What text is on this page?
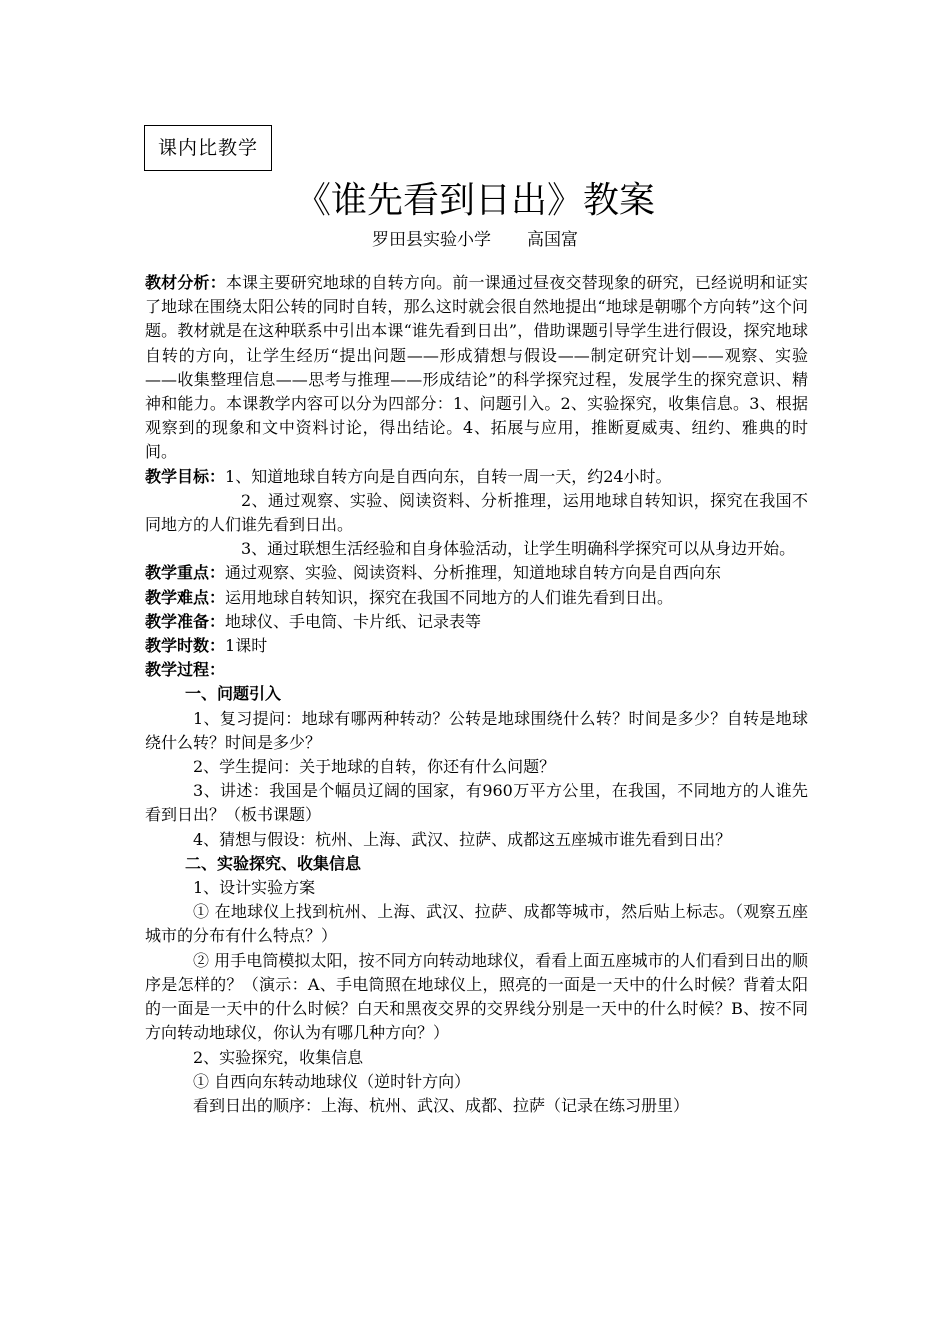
课内比教学
《谁先看到日出》教案
罗田县实验小学 高国富

教材分析：本课主要研究地球的自转方向。前一课通过昼夜交替现象的研究，已经说明和证实了地球在围绕太阳公转的同时自转，那么这时就会很自然地提出“地球是朝哪个方向转”这个问题。教材就是在这种联系中引出本课“谁先看到日出”，借助课题引导学生进行假设，探究地球自转的方向，让学生经历“提出问题——形成猜想与假设——制定研究计划——观察、实验——收集整理信息——思考与推理——形成结论”的科学探究过程，发展学生的探究意识、精神和能力。本课教学内容可以分为四部分：1、问题引入。2、实验探究，收集信息。3、根据观察到的现象和文中资料讨论，得出结论。4、拓展与应用，推断夏威夷、纽约、雅典的时间。

教学目标：1、知道地球自转方向是自西向东，自转一周一天，约24小时。

2、通过观察、实验、阅读资料、分析推理，运用地球自转知识，探究在我国不同地方的人们谁先看到日出。

3、通过联想生活经验和自身体验活动，让学生明确科学探究可以从身边开始。

教学重点：通过观察、实验、阅读资料、分析推理，知道地球自转方向是自西向东

教学难点：运用地球自转知识，探究在我国不同地方的人们谁先看到日出。

教学准备：地球仪、手电筒、卡片纸、记录表等

教学时数：1课时

教学过程：

一、问题引入

1、复习提问：地球有哪两种转动？公转是地球围绕什么转？时间是多少？自转是地球绕什么转？时间是多少？

2、学生提问：关于地球的自转，你还有什么问题？

3、讲述：我国是个幅员辽阔的国家，有960万平方公里，在我国，不同地方的人谁先看到日出？（板书课题）

4、猜想与假设：杭州、上海、武汉、拉萨、成都这五座城市谁先看到日出？

二、实验探究、收集信息

1、设计实验方案

① 在地球仪上找到杭州、上海、武汉、拉萨、成都等城市，然后贴上标志。（观察五座城市的分布有什么特点？）

② 用手电筒模拟太阳，按不同方向转动地球仪，看看上面五座城市的人们看到日出的顺序是怎样的？（演示：A、手电筒照在地球仪上，照亮的一面是一天中的什么时候？背着太阳的一面是一天中的什么时候？白天和黑夜交界的交界线分别是一天中的什么时候？B、按不同方向转动地球仪，你认为有哪几种方向？）

2、实验探究，收集信息

① 自西向东转动地球仪（逆时针方向）

看到日出的顺序：上海、杭州、武汉、成都、拉萨（记录在练习册里）
